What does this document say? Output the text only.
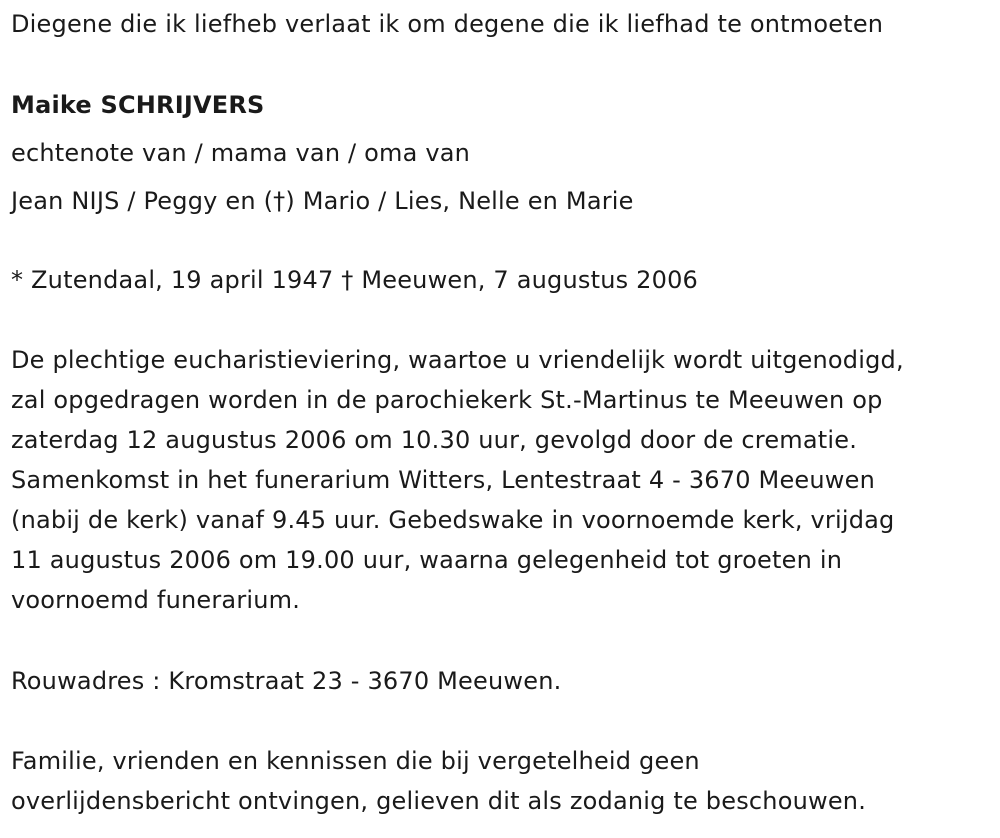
Diegene die ik liefheb verlaat ik om degene die ik liefhad te ontmoeten
Maike SCHRIJVERS
echtenote van / mama van / oma van
Jean NIJS / Peggy en (†) Mario / Lies, Nelle en Marie
* Zutendaal, 19 april 1947 † Meeuwen, 7 augustus 2006
De plechtige eucharistieviering, waartoe u vriendelijk wordt uitgenodigd,
zal opgedragen worden in de parochiekerk St.-Martinus te Meeuwen op
zaterdag 12 augustus 2006 om 10.30 uur, gevolgd door de crematie.
Samenkomst in het funerarium Witters, Lentestraat 4 - 3670 Meeuwen
(nabij de kerk) vanaf 9.45 uur. Gebedswake in voornoemde kerk, vrijdag
11 augustus 2006 om 19.00 uur, waarna gelegenheid tot groeten in
voornoemd funerarium.
Rouwadres : Kromstraat 23 - 3670 Meeuwen.
Familie, vrienden en kennissen die bij vergetelheid geen
overlijdensbericht ontvingen, gelieven dit als zodanig te beschouwen.
